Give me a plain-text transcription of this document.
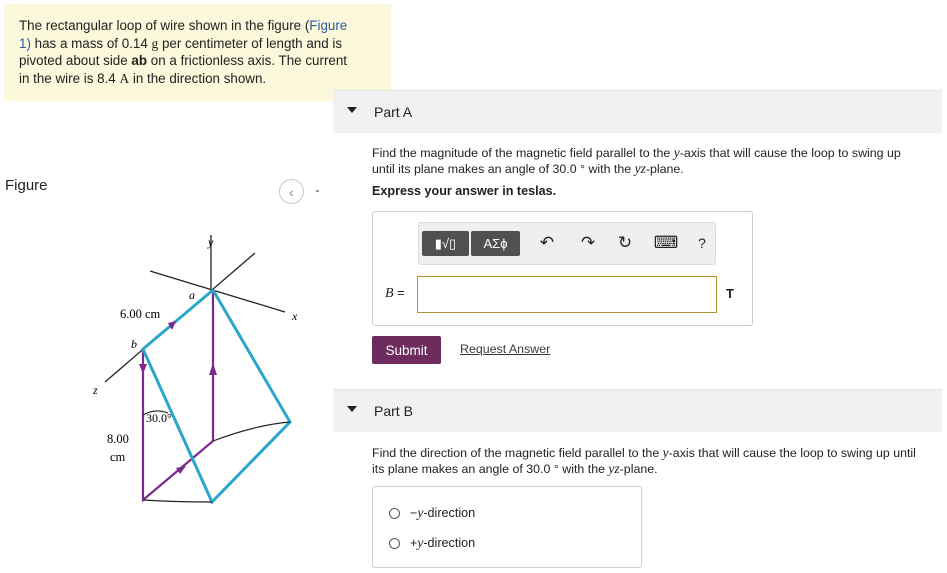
The rectangular loop of wire shown in the figure (Figure
1) has a mass of 0.14 g per centimeter of length and is
pivoted about side ab on a frictionless axis. The current
in the wire is 8.4 A in the direction shown.
Figure	‹
y
x
z
a
b
6.00 cm
30.0°
8.00
cm
Part A
Find the magnitude of the magnetic field parallel to the y-axis that will cause the loop to swing up
until its plane makes an angle of 30.0 ° with the yz-plane.
Express your answer in teslas.
▮√▯ ΑΣϕ ↶ ↷ ↻ ⌨ ?
B =	T
Submit	Request Answer
Part B
Find the direction of the magnetic field parallel to the y-axis that will cause the loop to swing up until
its plane makes an angle of 30.0 ° with the yz-plane.
− y -direction
+ y -direction
